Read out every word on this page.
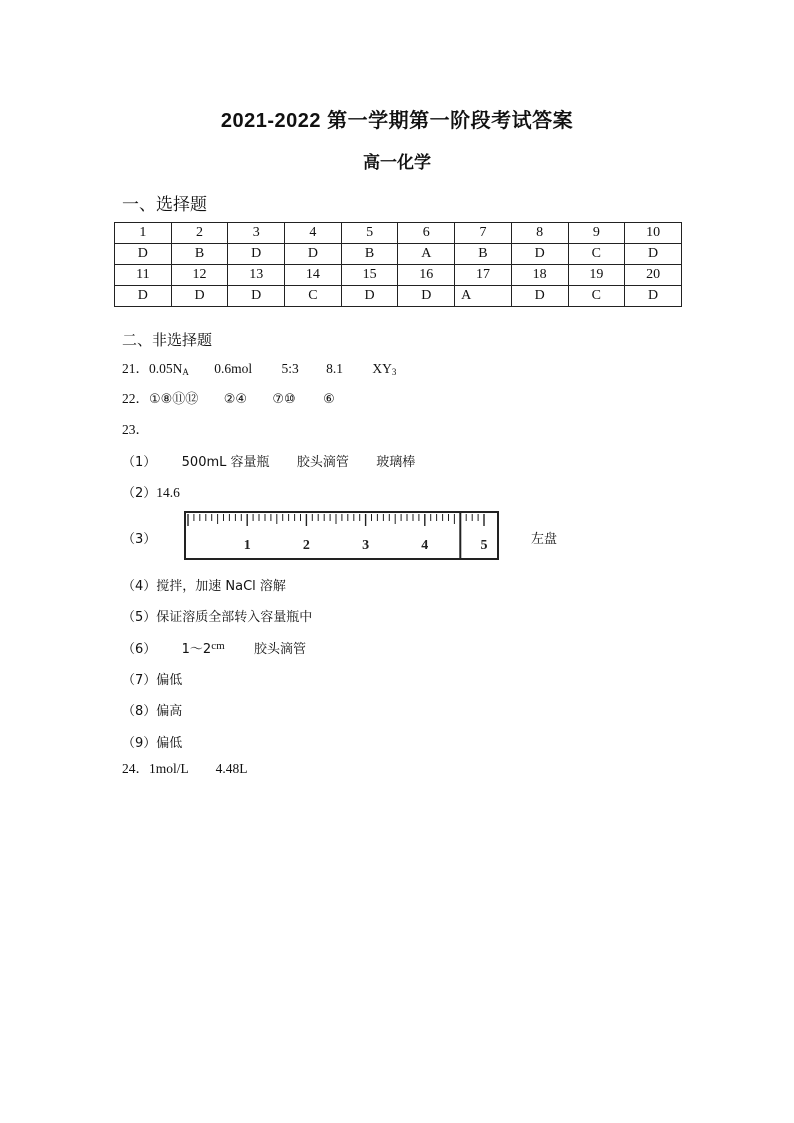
2021-2022 第一学期第一阶段考试答案
高一化学
一、选择题
1	2	3	4	5	6	7	8	9	10
D	B	D	D	B	A	B	D	C	D
11	12	13	14	15	16	17	18	19	20
D	D	D	C	D	D	A	D	C	D
二、非选择题
21．$0.05N_A$ 0.6mol 5:3 8.1 $XY_3$
22．①⑧⑪⑫ ②④ ⑦⑩ ⑥
23．
（1） 500mL 容量瓶 胶头滴管 玻璃棒
（2）14.6
（3）	1	2	3	4	5	左盘
（4）搅拌，加速 NaCl 溶解
（5）保证溶质全部转入容量瓶中
（6） $1\sim 2^{cm}$ 胶头滴管
（7）偏低
（8）偏高
（9）偏低
24．1mol/L 4.48L
